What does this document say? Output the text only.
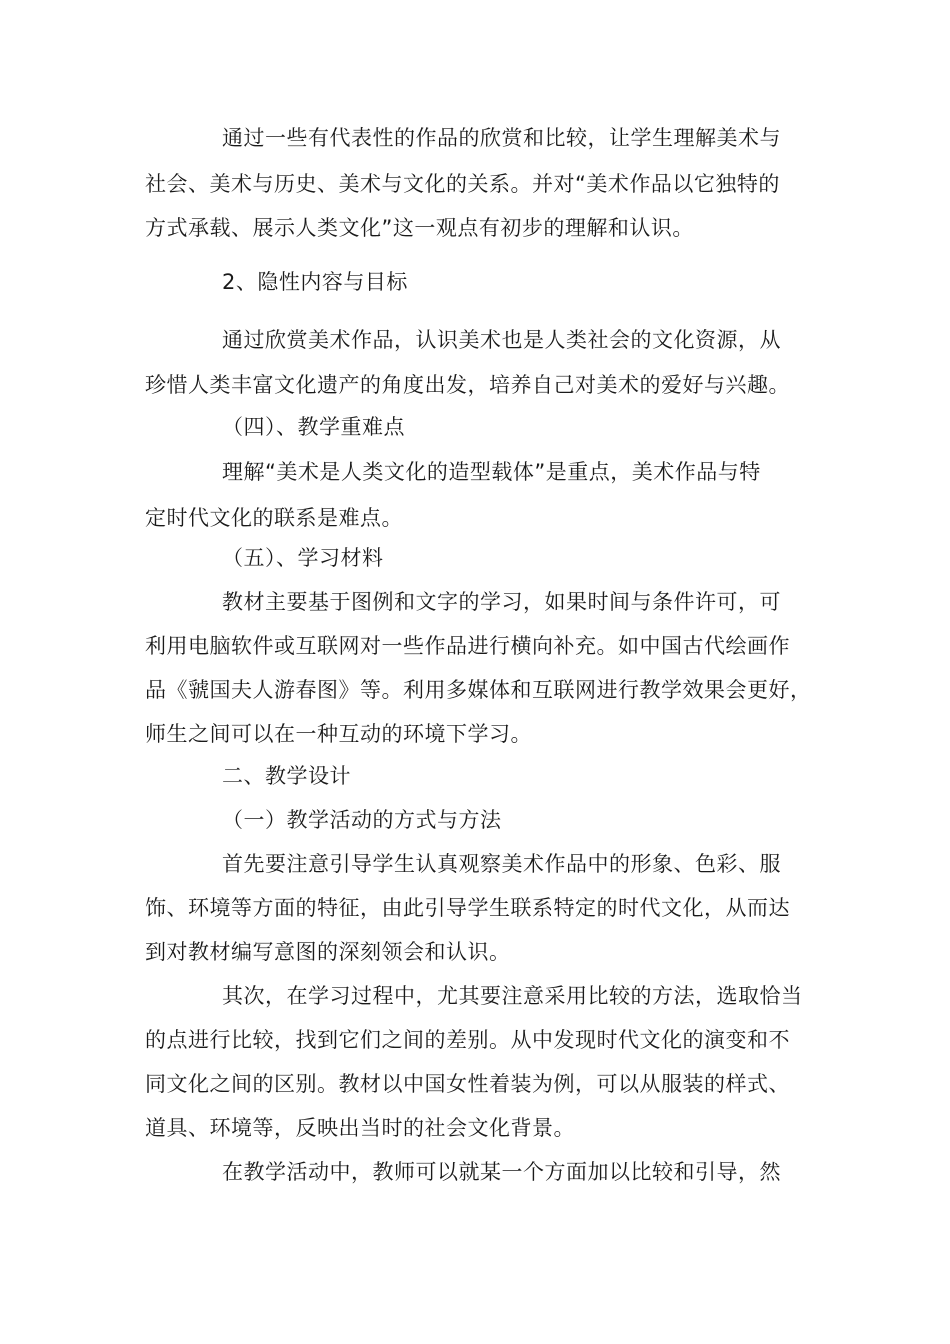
通过一些有代表性的作品的欣赏和比较，让学生理解美术与
社会、美术与历史、美术与文化的关系。并对“美术作品以它独特的
方式承载、展示人类文化”这一观点有初步的理解和认识。
2、隐性内容与目标
通过欣赏美术作品，认识美术也是人类社会的文化资源，从
珍惜人类丰富文化遗产的角度出发，培养自己对美术的爱好与兴趣。
（四）、教学重难点
理解“美术是人类文化的造型载体”是重点，美术作品与特
定时代文化的联系是难点。
（五）、学习材料
教材主要基于图例和文字的学习，如果时间与条件许可，可
利用电脑软件或互联网对一些作品进行横向补充。如中国古代绘画作
品《虢国夫人游春图》等。利用多媒体和互联网进行教学效果会更好，
师生之间可以在一种互动的环境下学习。
二、教学设计
（一）教学活动的方式与方法
首先要注意引导学生认真观察美术作品中的形象、色彩、服
饰、环境等方面的特征，由此引导学生联系特定的时代文化，从而达
到对教材编写意图的深刻领会和认识。
其次，在学习过程中，尤其要注意采用比较的方法，选取恰当
的点进行比较，找到它们之间的差别。从中发现时代文化的演变和不
同文化之间的区别。教材以中国女性着装为例，可以从服装的样式、
道具、环境等，反映出当时的社会文化背景。
在教学活动中，教师可以就某一个方面加以比较和引导，然
